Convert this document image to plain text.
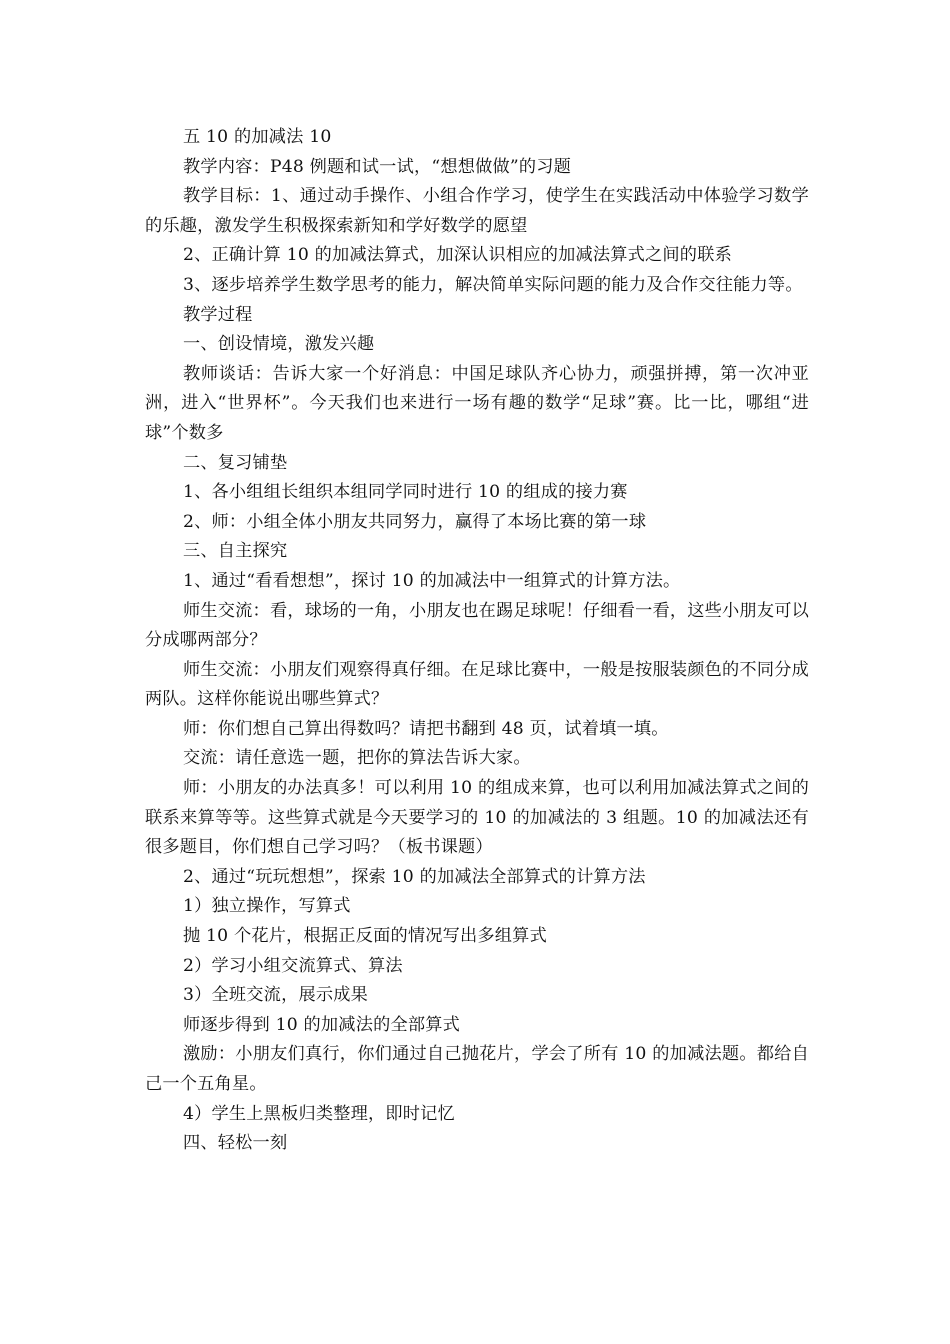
五 10 的加减法 10

教学内容：P48 例题和试一试，“想想做做”的习题

教学目标：1、通过动手操作、小组合作学习，使学生在实践活动中体验学习数学的乐趣，激发学生积极探索新知和学好数学的愿望

2、正确计算 10 的加减法算式，加深认识相应的加减法算式之间的联系

3、逐步培养学生数学思考的能力，解决简单实际问题的能力及合作交往能力等。

教学过程

一、创设情境，激发兴趣

教师谈话：告诉大家一个好消息：中国足球队齐心协力，顽强拼搏，第一次冲亚洲，进入“世界杯”。今天我们也来进行一场有趣的数学“足球”赛。比一比，哪组“进球”个数多

二、复习铺垫

1、各小组组长组织本组同学同时进行 10 的组成的接力赛

2、师：小组全体小朋友共同努力，赢得了本场比赛的第一球

三、自主探究

1、通过“看看想想”，探讨 10 的加减法中一组算式的计算方法。

师生交流：看，球场的一角，小朋友也在踢足球呢！仔细看一看，这些小朋友可以分成哪两部分？

师生交流：小朋友们观察得真仔细。在足球比赛中，一般是按服装颜色的不同分成两队。这样你能说出哪些算式？

师：你们想自己算出得数吗？请把书翻到 48 页，试着填一填。

交流：请任意选一题，把你的算法告诉大家。

师：小朋友的办法真多！可以利用 10 的组成来算，也可以利用加减法算式之间的联系来算等等。这些算式就是今天要学习的 10 的加减法的 3 组题。10 的加减法还有很多题目，你们想自己学习吗？（板书课题）

2、通过“玩玩想想”，探索 10 的加减法全部算式的计算方法

1）独立操作，写算式

抛 10 个花片，根据正反面的情况写出多组算式

2）学习小组交流算式、算法

3）全班交流，展示成果

师逐步得到 10 的加减法的全部算式

激励：小朋友们真行，你们通过自己抛花片，学会了所有 10 的加减法题。都给自己一个五角星。

4）学生上黑板归类整理，即时记忆

四、轻松一刻
